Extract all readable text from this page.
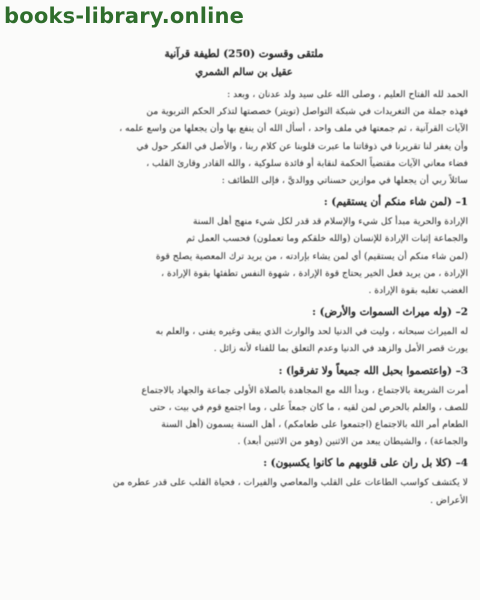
books-library.online

ملتقى وقسوت (250) لطيفة قرآنية

عقيل بن سالم الشمري

الحمد لله الفتاح العليم ، وصلى الله على سيد ولد عدنان ، وبعد :

فهذه جملة من التغريدات في شبكة التواصل (تويتر) خصصتها لتذكر الحكم التربوية من

الآيات القرآنية ، ثم جمعتها في ملف واحد ، أسأل الله أن ينفع بها وأن يجعلها من واسع علمه ،

وأن يغفر لنا تقريرنا في ذوقاتنا ما عبرت قلوبنا عن كلام ربنا ، والأصل في الفكر حول في

فضاء معاني الآيات مقتضياً الحكمة لنقابة أو فائدة سلوكية ، والله القادر وقارئ القلب ،

سائلاً ربي أن يجعلها في موازين حسناتي ووالديَّ ، فإلى اللطائف :

1– (لمن شاء منكم أن يستقيم) :

الإرادة والحرية مبدأ كل شيء والإسلام قد قدر لكل شيء منهج أهل السنة

والجماعة إثبات الإرادة للإنسان (والله خلقكم وما تعملون) فحسب العمل ثم

(لمن شاء منكم أن يستقيم) أي لمن يشاء بإرادته ، من يريد ترك المعصية يصلح قوة

الإرادة ، من يريد فعل الخير يحتاج قوة الإرادة ، شهوة النفس تطفئها بقوة الإرادة ،

الغضب تغلبه بقوة الإرادة .

2– (وله ميراث السموات والأرض) :

له الميراث سبحانه ، وليت في الدنيا لحد والوارث الذي يبقى وغيره يفنى ، والعلم به

يورث قصر الأمل والزهد في الدنيا وعدم التعلق بما للفناء لأنه زائل .

3– (واعتصموا بحبل الله جميعاً ولا تفرقوا) :

أمرت الشريعة بالاجتماع ، وبدأ الله مع المجاهدة بالصلاة الأولى جماعة والجهاد بالاجتماع

للصف ، والعلم بالحرص لمن لقيه ، ما كان جمعاً على ، وما اجتمع قوم في بيت ، حتى

الطعام أمر الله بالاجتماع (اجتمعوا على طعامكم) ، أهل السنة يسمون (أهل السنة

والجماعة) ، والشيطان يبعد من الاثنين (وهو من الاثنين أبعد) .

4– (كلا بل ران على قلوبهم ما كانوا يكسبون) :

لا يكتشف كواسب الطاعات على القلب والمعاصي والفيرات ، فحياة القلب على قدر عطره من

الأعراض .
